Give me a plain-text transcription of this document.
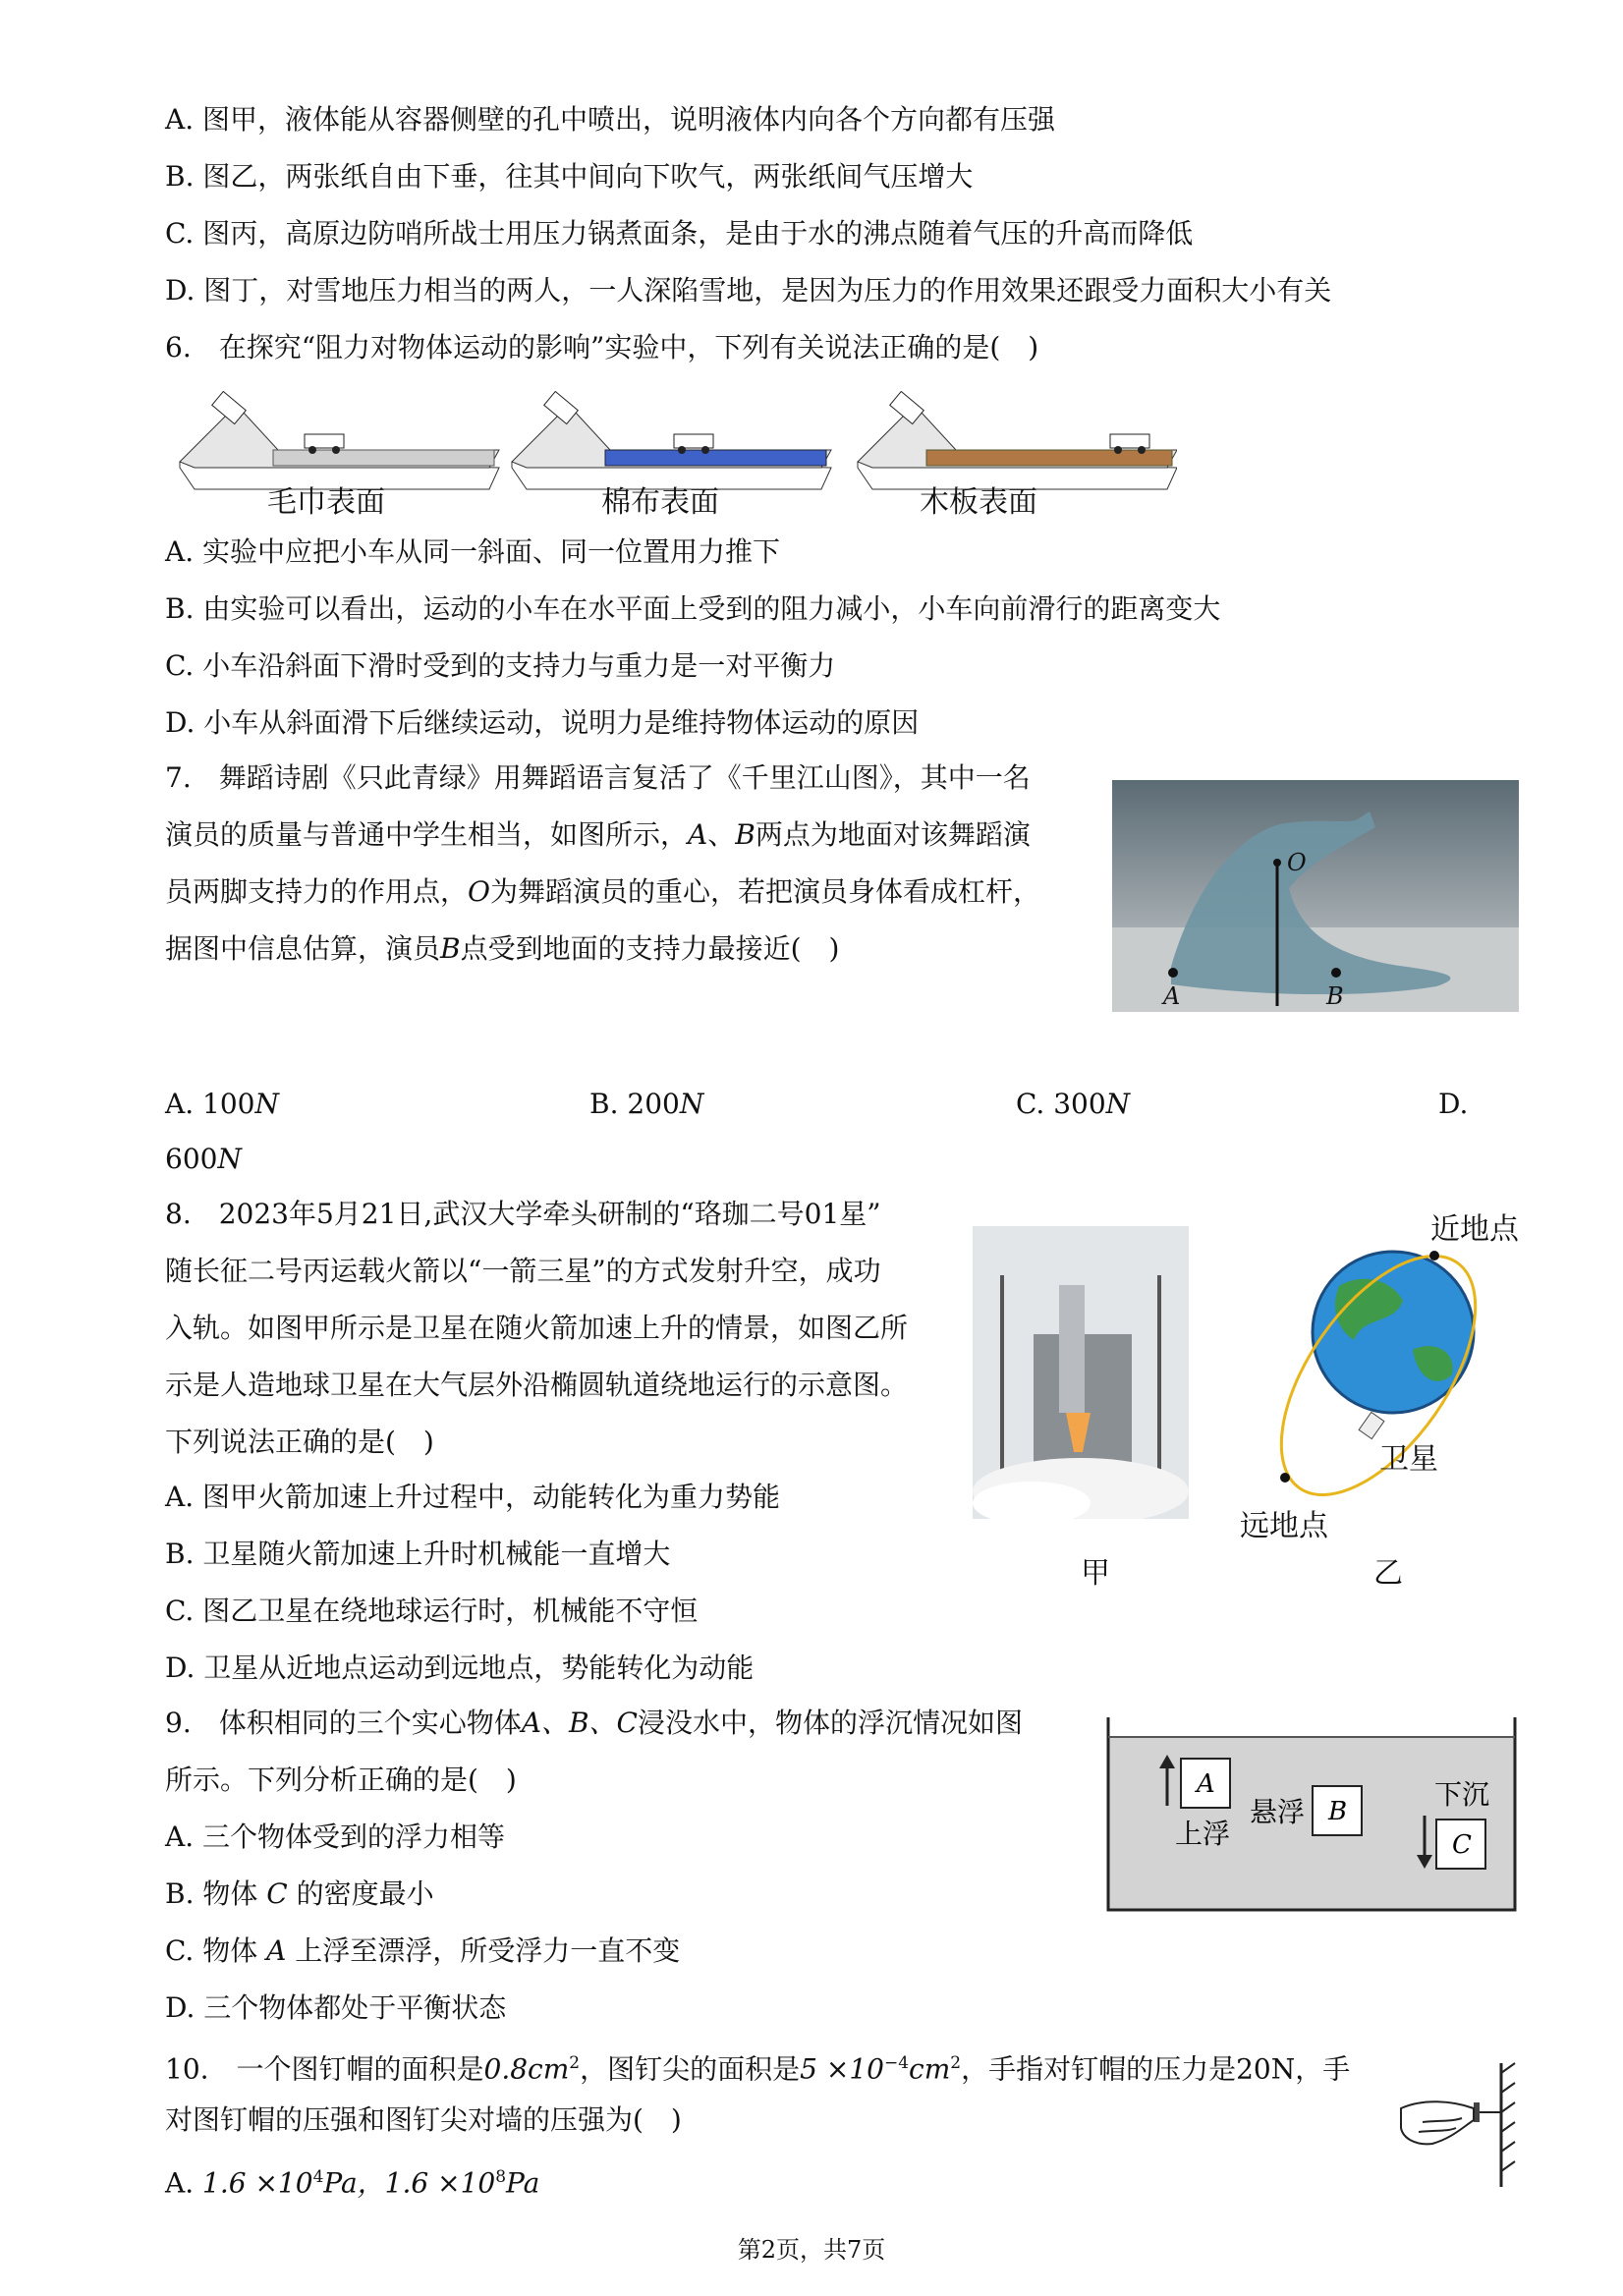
A. 图甲，液体能从容器侧壁的孔中喷出，说明液体内向各个方向都有压强
B. 图乙，两张纸自由下垂，往其中间向下吹气，两张纸间气压增大
C. 图丙，高原边防哨所战士用压力锅煮面条，是由于水的沸点随着气压的升高而降低
D. 图丁，对雪地压力相当的两人，一人深陷雪地，是因为压力的作用效果还跟受力面积大小有关
6.　在探究“阻力对物体运动的影响”实验中，下列有关说法正确的是(　)
毛巾表面	棉布表面	木板表面
A. 实验中应把小车从同一斜面、同一位置用力推下
B. 由实验可以看出，运动的小车在水平面上受到的阻力减小，小车向前滑行的距离变大
C. 小车沿斜面下滑时受到的支持力与重力是一对平衡力
D. 小车从斜面滑下后继续运动，说明力是维持物体运动的原因
7.　舞蹈诗剧《只此青绿》用舞蹈语言复活了《千里江山图》，其中一名
演员的质量与普通中学生相当，如图所示，A、B两点为地面对该舞蹈演
员两脚支持力的作用点，O为舞蹈演员的重心，若把演员身体看成杠杆，
据图中信息估算，演员B点受到地面的支持力最接近(　)
O
A	B
A. 100N	B. 200N	C. 300N	D.
600N
8.　2023年5月21日,武汉大学牵头研制的“珞珈二号01星”
随长征二号丙运载火箭以“一箭三星”的方式发射升空，成功
入轨。如图甲所示是卫星在随火箭加速上升的情景，如图乙所
示是人造地球卫星在大气层外沿椭圆轨道绕地运行的示意图。
下列说法正确的是(　)
A. 图甲火箭加速上升过程中，动能转化为重力势能
B. 卫星随火箭加速上升时机械能一直增大
C. 图乙卫星在绕地球运行时，机械能不守恒
D. 卫星从近地点运动到远地点，势能转化为动能
甲
近地点
卫星
远地点
乙
9.　体积相同的三个实心物体A、B、C浸没水中，物体的浮沉情况如图
所示。下列分析正确的是(　)
A. 三个物体受到的浮力相等
B. 物体 C 的密度最小
C. 物体 A 上浮至漂浮，所受浮力一直不变
D. 三个物体都处于平衡状态
A
上浮
B
悬浮
C
下沉
10.　一个图钉帽的面积是$0.8cm^2$，图钉尖的面积是$5 \times 10^{-4}cm^2$，手指对钉帽的压力是20N，手
对图钉帽的压强和图钉尖对墙的压强为(　)
A. $1.6 \times 10^4Pa$，$1.6 \times 10^8Pa$
第2页，共7页
